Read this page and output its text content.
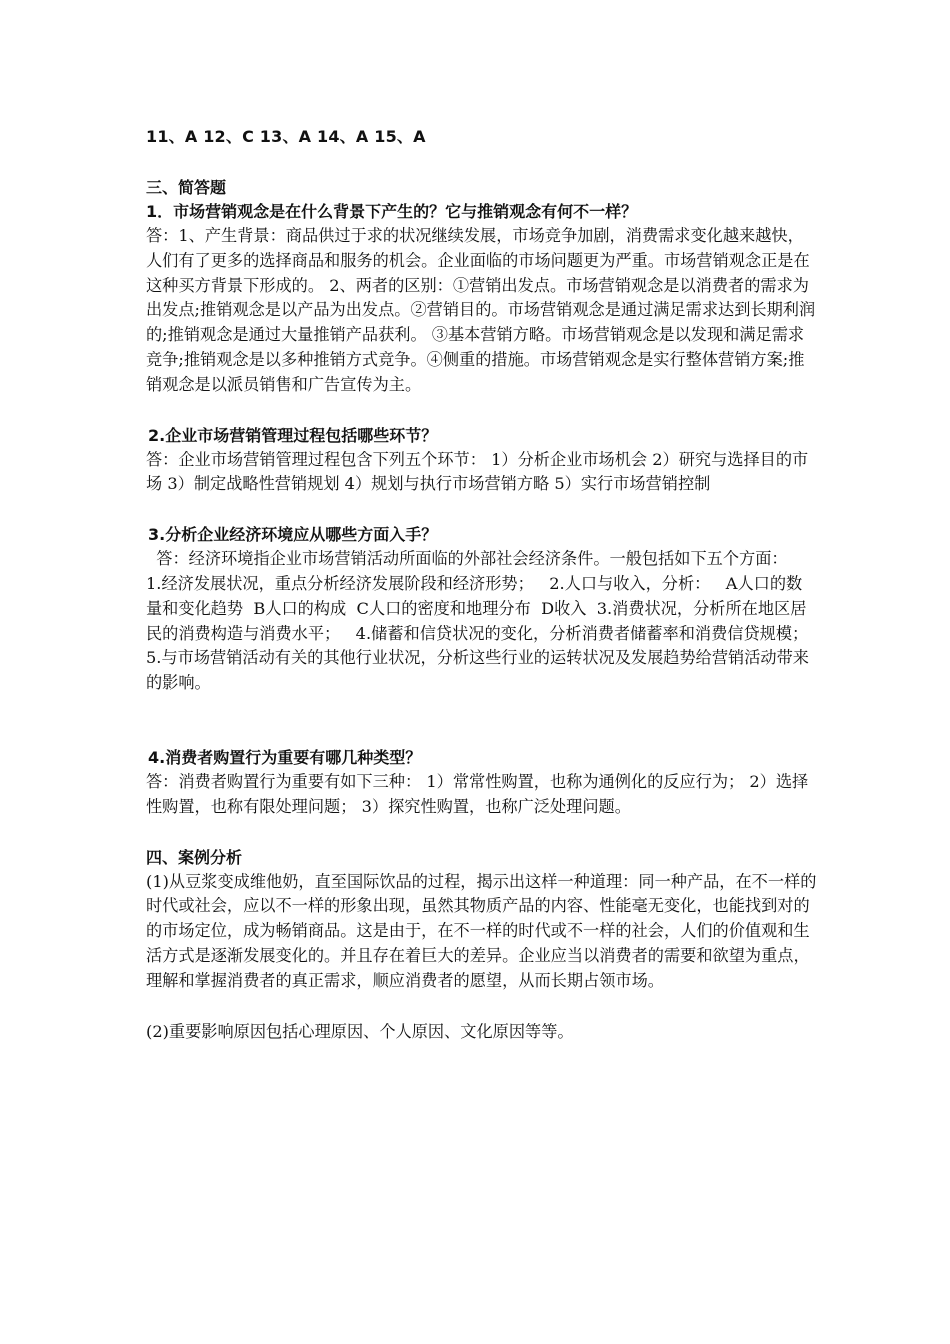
11、A 12、C 13、A 14、A 15、A
三、简答题
1．市场营销观念是在什么背景下产生的？它与推销观念有何不一样？

答：1、产生背景：商品供过于求的状况继续发展，市场竞争加剧，消费需求变化越来越快， 人们有了更多的选择商品和服务的机会。企业面临的市场问题更为严重。市场营销观念正是在这种买方背景下形成的。 2、两者的区别：①营销出发点。市场营销观念是以消费者的需求为出发点;推销观念是以产品为出发点。②营销目的。市场营销观念是通过满足需求达到长期利润的;推销观念是通过大量推销产品获利。 ③基本营销方略。市场营销观念是以发现和满足需求竞争;推销观念是以多种推销方式竞争。④侧重的措施。市场营销观念是实行整体营销方案;推销观念是以派员销售和广告宣传为主。

2.企业市场营销管理过程包括哪些环节？

答：企业市场营销管理过程包含下列五个环节： 1）分析企业市场机会 2）研究与选择目的市场 3）制定战略性营销规划 4）规划与执行市场营销方略 5）实行市场营销控制

3.分析企业经济环境应从哪些方面入手？

答：经济环境指企业市场营销活动所面临的外部社会经济条件。一般包括如下五个方面：   1.经济发展状况，重点分析经济发展阶段和经济形势；   2.人口与收入，分析：   A人口的数量和变化趋势  B人口的构成  C人口的密度和地理分布  D收入  3.消费状况，分析所在地区居民的消费构造与消费水平；   4.储蓄和信贷状况的变化，分析消费者储蓄率和消费信贷规模；   5.与市场营销活动有关的其他行业状况，分析这些行业的运转状况及发展趋势给营销活动带来的影响。

4.消费者购置行为重要有哪几种类型？

答：消费者购置行为重要有如下三种： 1）常常性购置，也称为通例化的反应行为； 2）选择性购置，也称有限处理问题； 3）探究性购置，也称广泛处理问题。

四、案例分析

(1)从豆浆变成维他奶，直至国际饮品的过程，揭示出这样一种道理：同一种产品，在不一样的时代或社会，应以不一样的形象出现，虽然其物质产品的内容、性能毫无变化，也能找到对的的市场定位，成为畅销商品。这是由于，在不一样的时代或不一样的社会，人们的价值观和生活方式是逐渐发展变化的。并且存在着巨大的差异。企业应当以消费者的需要和欲望为重点，理解和掌握消费者的真正需求，顺应消费者的愿望，从而长期占领市场。

(2)重要影响原因包括心理原因、个人原因、文化原因等等。
